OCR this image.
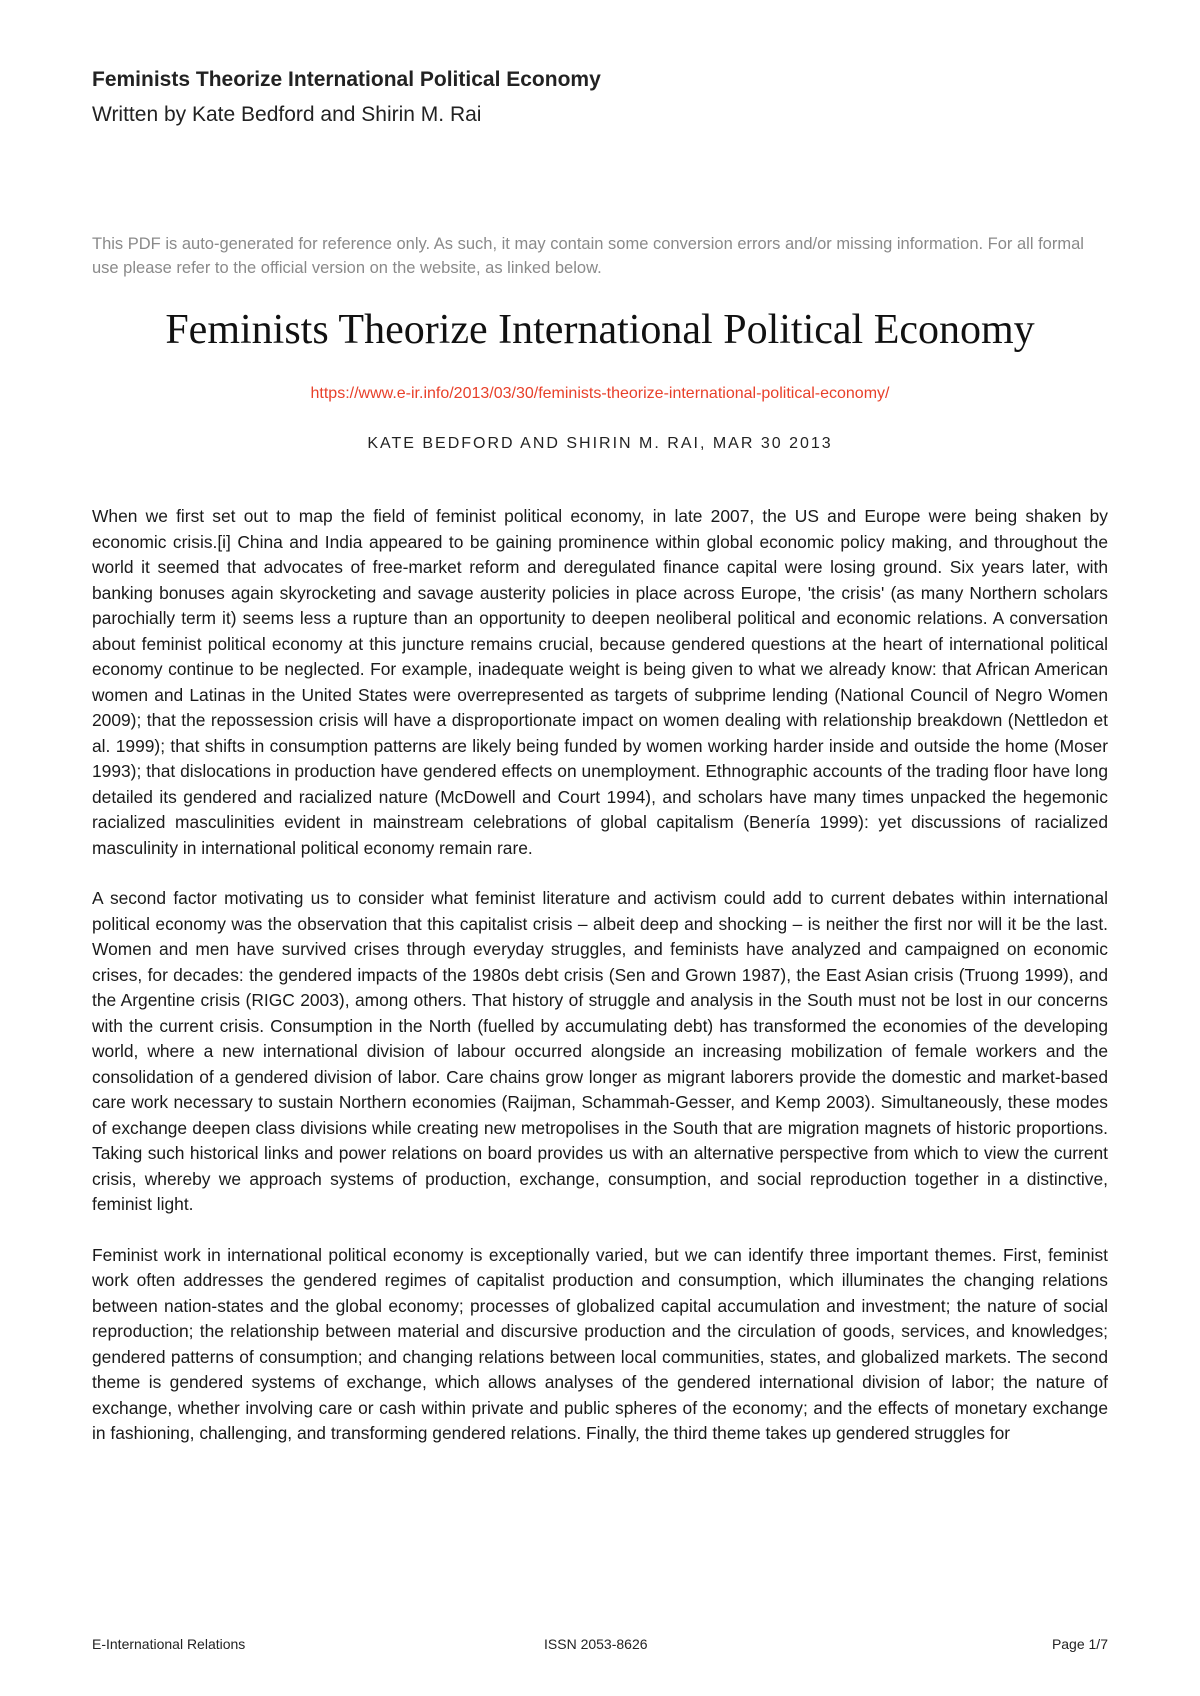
Feminists Theorize International Political Economy
Written by Kate Bedford and Shirin M. Rai
This PDF is auto-generated for reference only. As such, it may contain some conversion errors and/or missing information. For all formal use please refer to the official version on the website, as linked below.
Feminists Theorize International Political Economy
https://www.e-ir.info/2013/03/30/feminists-theorize-international-political-economy/
KATE BEDFORD AND SHIRIN M. RAI, MAR 30 2013

When we first set out to map the field of feminist political economy, in late 2007, the US and Europe were being shaken by economic crisis.[i] China and India appeared to be gaining prominence within global economic policy making, and throughout the world it seemed that advocates of free-market reform and deregulated finance capital were losing ground. Six years later, with banking bonuses again skyrocketing and savage austerity policies in place across Europe, 'the crisis' (as many Northern scholars parochially term it) seems less a rupture than an opportunity to deepen neoliberal political and economic relations. A conversation about feminist political economy at this juncture remains crucial, because gendered questions at the heart of international political economy continue to be neglected. For example, inadequate weight is being given to what we already know: that African American women and Latinas in the United States were overrepresented as targets of subprime lending (National Council of Negro Women 2009); that the repossession crisis will have a disproportionate impact on women dealing with relationship breakdown (Nettledon et al. 1999); that shifts in consumption patterns are likely being funded by women working harder inside and outside the home (Moser 1993); that dislocations in production have gendered effects on unemployment. Ethnographic accounts of the trading floor have long detailed its gendered and racialized nature (McDowell and Court 1994), and scholars have many times unpacked the hegemonic racialized masculinities evident in mainstream celebrations of global capitalism (Benería 1999): yet discussions of racialized masculinity in international political economy remain rare.

A second factor motivating us to consider what feminist literature and activism could add to current debates within international political economy was the observation that this capitalist crisis – albeit deep and shocking – is neither the first nor will it be the last. Women and men have survived crises through everyday struggles, and feminists have analyzed and campaigned on economic crises, for decades: the gendered impacts of the 1980s debt crisis (Sen and Grown 1987), the East Asian crisis (Truong 1999), and the Argentine crisis (RIGC 2003), among others. That history of struggle and analysis in the South must not be lost in our concerns with the current crisis. Consumption in the North (fuelled by accumulating debt) has transformed the economies of the developing world, where a new international division of labour occurred alongside an increasing mobilization of female workers and the consolidation of a gendered division of labor. Care chains grow longer as migrant laborers provide the domestic and market-based care work necessary to sustain Northern economies (Raijman, Schammah-Gesser, and Kemp 2003). Simultaneously, these modes of exchange deepen class divisions while creating new metropolises in the South that are migration magnets of historic proportions. Taking such historical links and power relations on board provides us with an alternative perspective from which to view the current crisis, whereby we approach systems of production, exchange, consumption, and social reproduction together in a distinctive, feminist light.

Feminist work in international political economy is exceptionally varied, but we can identify three important themes. First, feminist work often addresses the gendered regimes of capitalist production and consumption, which illuminates the changing relations between nation-states and the global economy; processes of globalized capital accumulation and investment; the nature of social reproduction; the relationship between material and discursive production and the circulation of goods, services, and knowledges; gendered patterns of consumption; and changing relations between local communities, states, and globalized markets. The second theme is gendered systems of exchange, which allows analyses of the gendered international division of labor; the nature of exchange, whether involving care or cash within private and public spheres of the economy; and the effects of monetary exchange in fashioning, challenging, and transforming gendered relations. Finally, the third theme takes up gendered struggles for

E-International Relations	ISSN 2053-8626	Page 1/7
